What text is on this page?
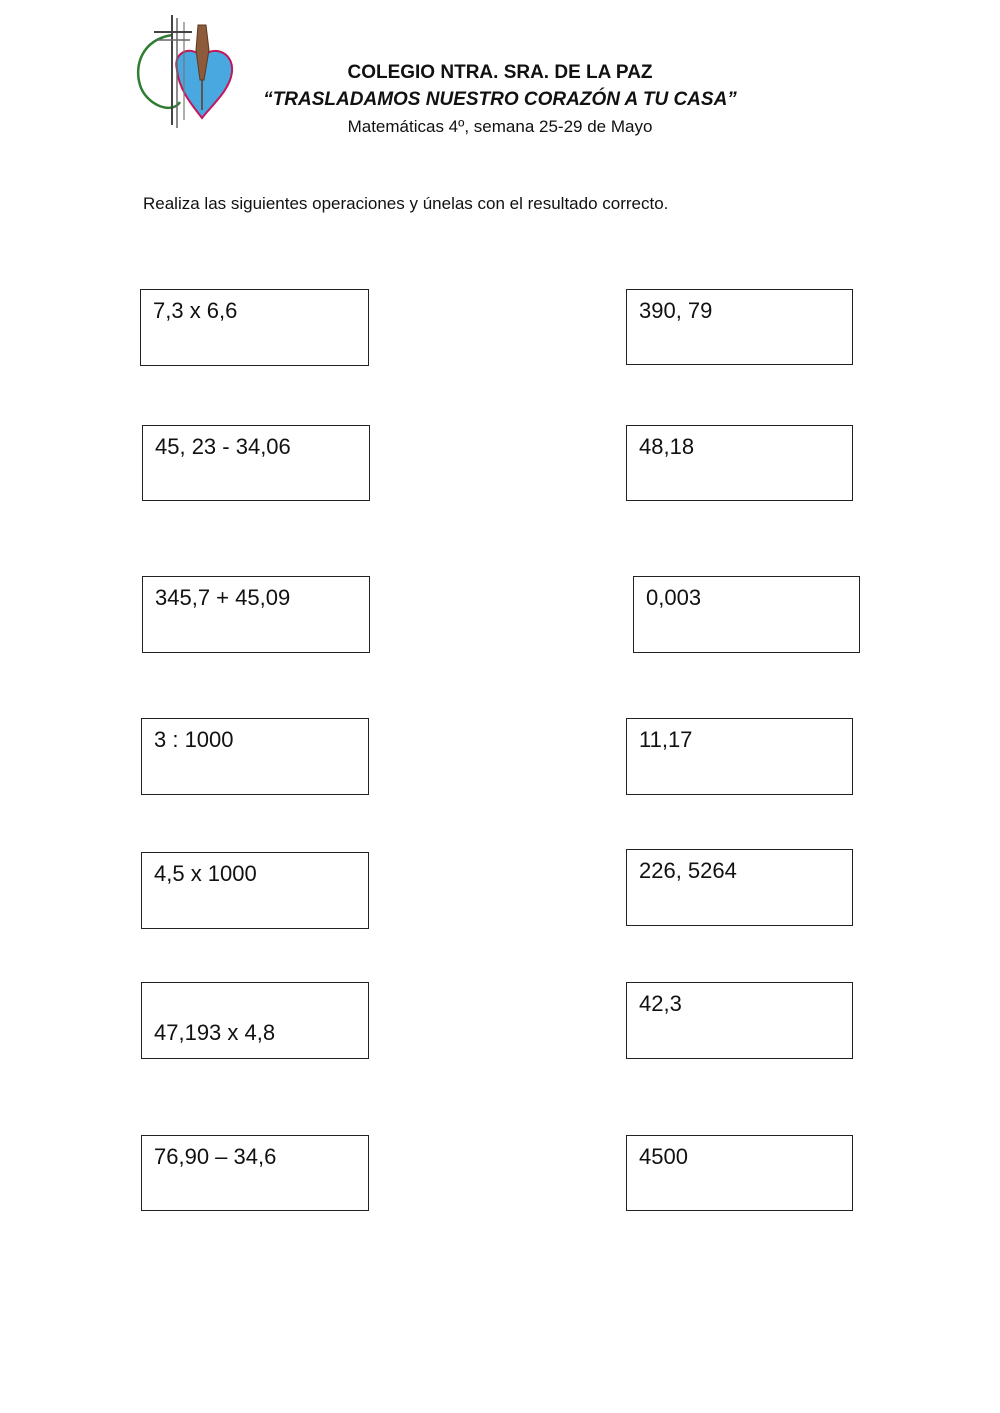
COLEGIO NTRA. SRA. DE LA PAZ
“TRASLADAMOS NUESTRO CORAZÓN A TU CASA”
Matemáticas 4º, semana 25-29 de Mayo
Realiza las siguientes operaciones y únelas con el resultado correcto.
7,3 x 6,6
45, 23 - 34,06
345,7 + 45,09
3 : 1000
4,5 x 1000
47,193 x 4,8
76,90 – 34,6
390, 79
48,18
0,003
11,17
226, 5264
42,3
4500
